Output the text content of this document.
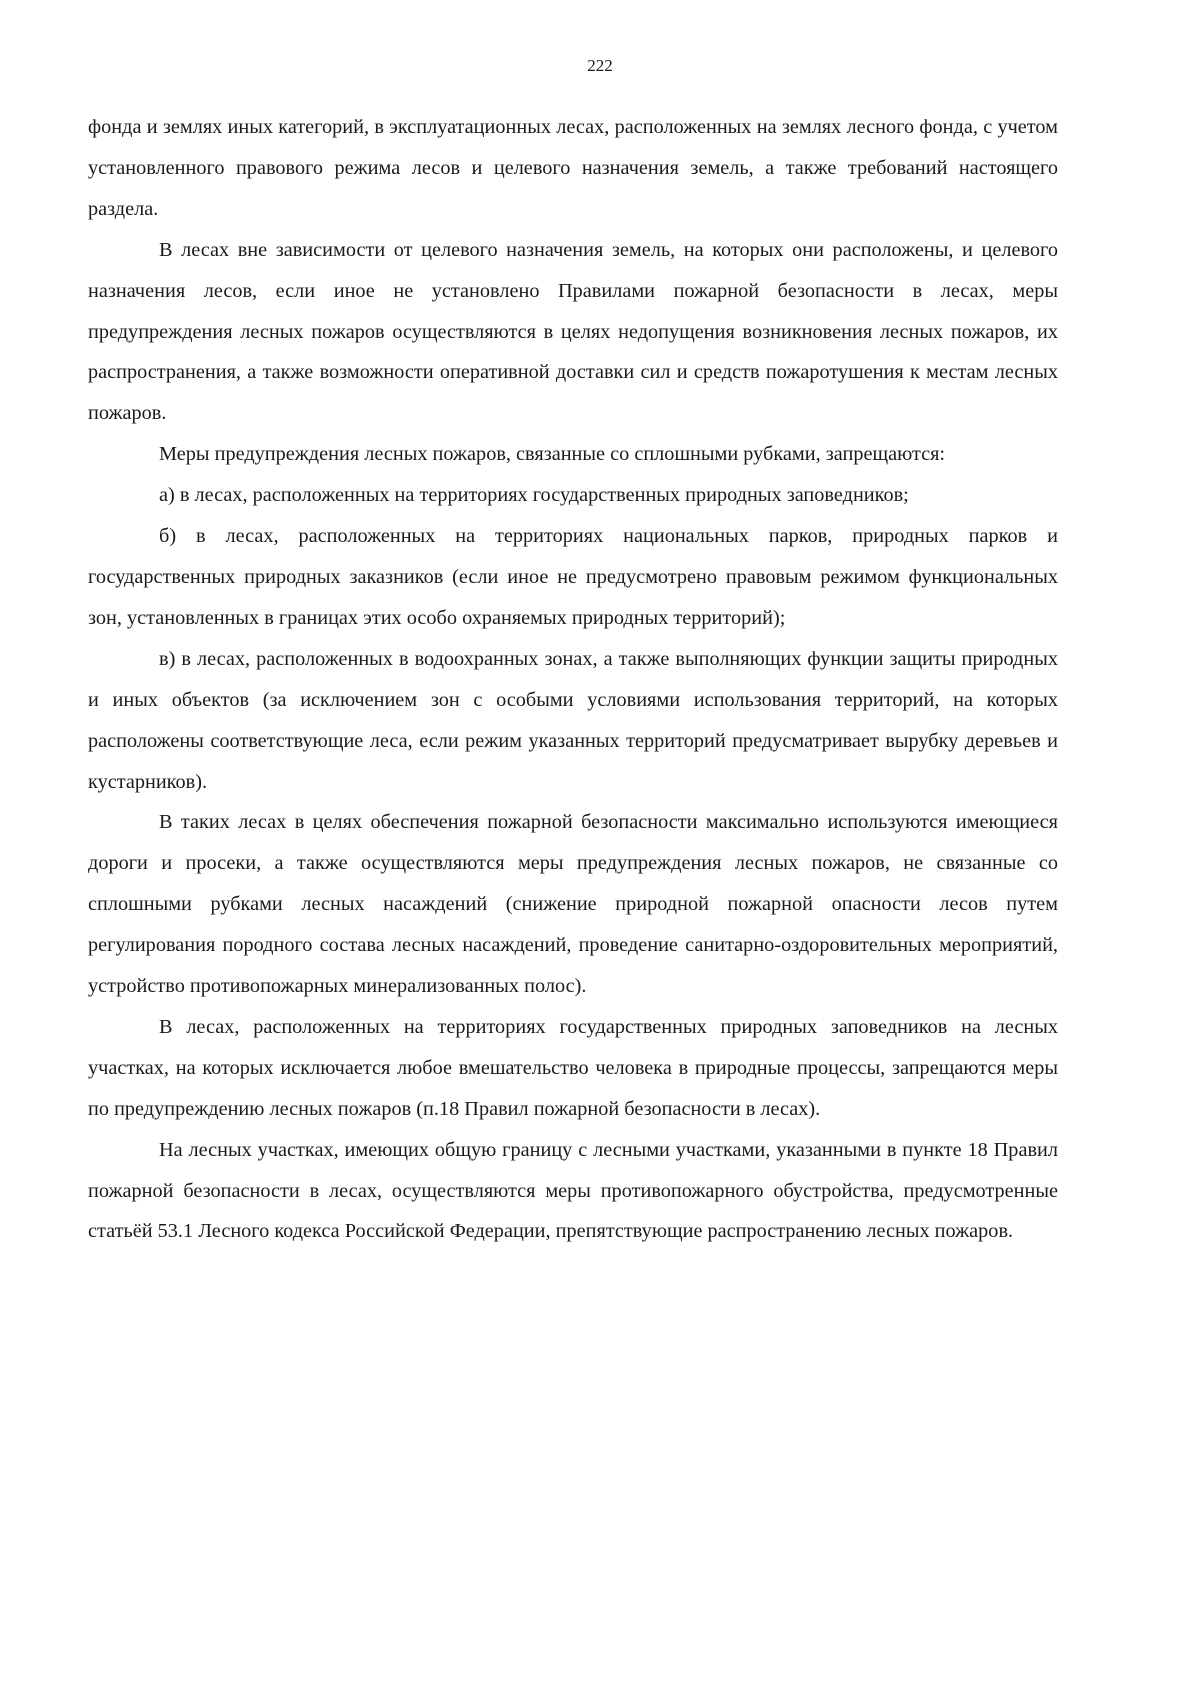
222

фонда и землях иных категорий, в эксплуатационных лесах, расположенных на землях лесного фонда, с учетом установленного правового режима лесов и целевого назначения земель, а также требований настоящего раздела.

В лесах вне зависимости от целевого назначения земель, на которых они расположены, и целевого назначения лесов, если иное не установлено Правилами пожарной безопасности в лесах, меры предупреждения лесных пожаров осуществляются в целях недопущения возникновения лесных пожаров, их распространения, а также возможности оперативной доставки сил и средств пожаротушения к местам лесных пожаров.

Меры предупреждения лесных пожаров, связанные со сплошными рубками, запрещаются:

а) в лесах, расположенных на территориях государственных природных заповедников;

б) в лесах, расположенных на территориях национальных парков, природных парков и государственных природных заказников (если иное не предусмотрено правовым режимом функциональных зон, установленных в границах этих особо охраняемых природных территорий);

в) в лесах, расположенных в водоохранных зонах, а также выполняющих функции защиты природных и иных объектов (за исключением зон с особыми условиями использования территорий, на которых расположены соответствующие леса, если режим указанных территорий предусматривает вырубку деревьев и кустарников).

В таких лесах в целях обеспечения пожарной безопасности максимально используются имеющиеся дороги и просеки, а также осуществляются меры предупреждения лесных пожаров, не связанные со сплошными рубками лесных насаждений (снижение природной пожарной опасности лесов путем регулирования породного состава лесных насаждений, проведение санитарно-оздоровительных мероприятий, устройство противопожарных минерализованных полос).

В лесах, расположенных на территориях государственных природных заповедников на лесных участках, на которых исключается любое вмешательство человека в природные процессы, запрещаются меры по предупреждению лесных пожаров (п.18 Правил пожарной безопасности в лесах).

На лесных участках, имеющих общую границу с лесными участками, указанными в пункте 18 Правил пожарной безопасности в лесах, осуществляются меры противопожарного обустройства, предусмотренные статьёй 53.1 Лесного кодекса Российской Федерации, препятствующие распространению лесных пожаров.
